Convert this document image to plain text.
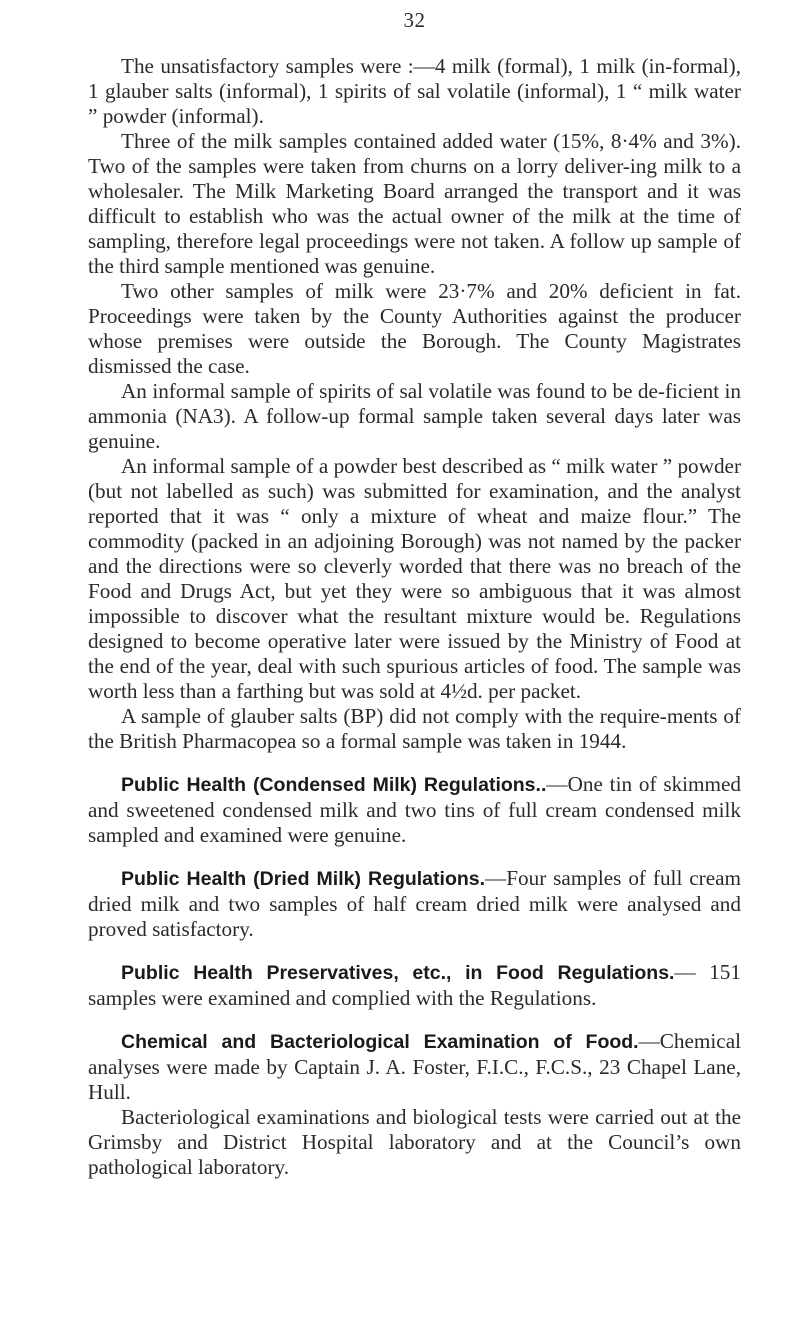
32

The unsatisfactory samples were :—4 milk (formal), 1 milk (in-formal), 1 glauber salts (informal), 1 spirits of sal volatile (informal), 1 “ milk water ” powder (informal).

Three of the milk samples contained added water (15%, 8·4% and 3%). Two of the samples were taken from churns on a lorry deliver-ing milk to a wholesaler. The Milk Marketing Board arranged the transport and it was difficult to establish who was the actual owner of the milk at the time of sampling, therefore legal proceedings were not taken. A follow up sample of the third sample mentioned was genuine.

Two other samples of milk were 23·7% and 20% deficient in fat. Proceedings were taken by the County Authorities against the producer whose premises were outside the Borough. The County Magistrates dismissed the case.

An informal sample of spirits of sal volatile was found to be de-ficient in ammonia (NA3). A follow-up formal sample taken several days later was genuine.

An informal sample of a powder best described as “ milk water ” powder (but not labelled as such) was submitted for examination, and the analyst reported that it was “ only a mixture of wheat and maize flour.” The commodity (packed in an adjoining Borough) was not named by the packer and the directions were so cleverly worded that there was no breach of the Food and Drugs Act, but yet they were so ambiguous that it was almost impossible to discover what the resultant mixture would be. Regulations designed to become operative later were issued by the Ministry of Food at the end of the year, deal with such spurious articles of food. The sample was worth less than a farthing but was sold at 4½d. per packet.

A sample of glauber salts (BP) did not comply with the require-ments of the British Pharmacopea so a formal sample was taken in 1944.

Public Health (Condensed Milk) Regulations..—One tin of skimmed and sweetened condensed milk and two tins of full cream condensed milk sampled and examined were genuine.

Public Health (Dried Milk) Regulations.—Four samples of full cream dried milk and two samples of half cream dried milk were analysed and proved satisfactory.

Public Health Preservatives, etc., in Food Regulations.— 151 samples were examined and complied with the Regulations.

Chemical and Bacteriological Examination of Food.—Chemical analyses were made by Captain J. A. Foster, F.I.C., F.C.S., 23 Chapel Lane, Hull.

Bacteriological examinations and biological tests were carried out at the Grimsby and District Hospital laboratory and at the Council’s own pathological laboratory.
